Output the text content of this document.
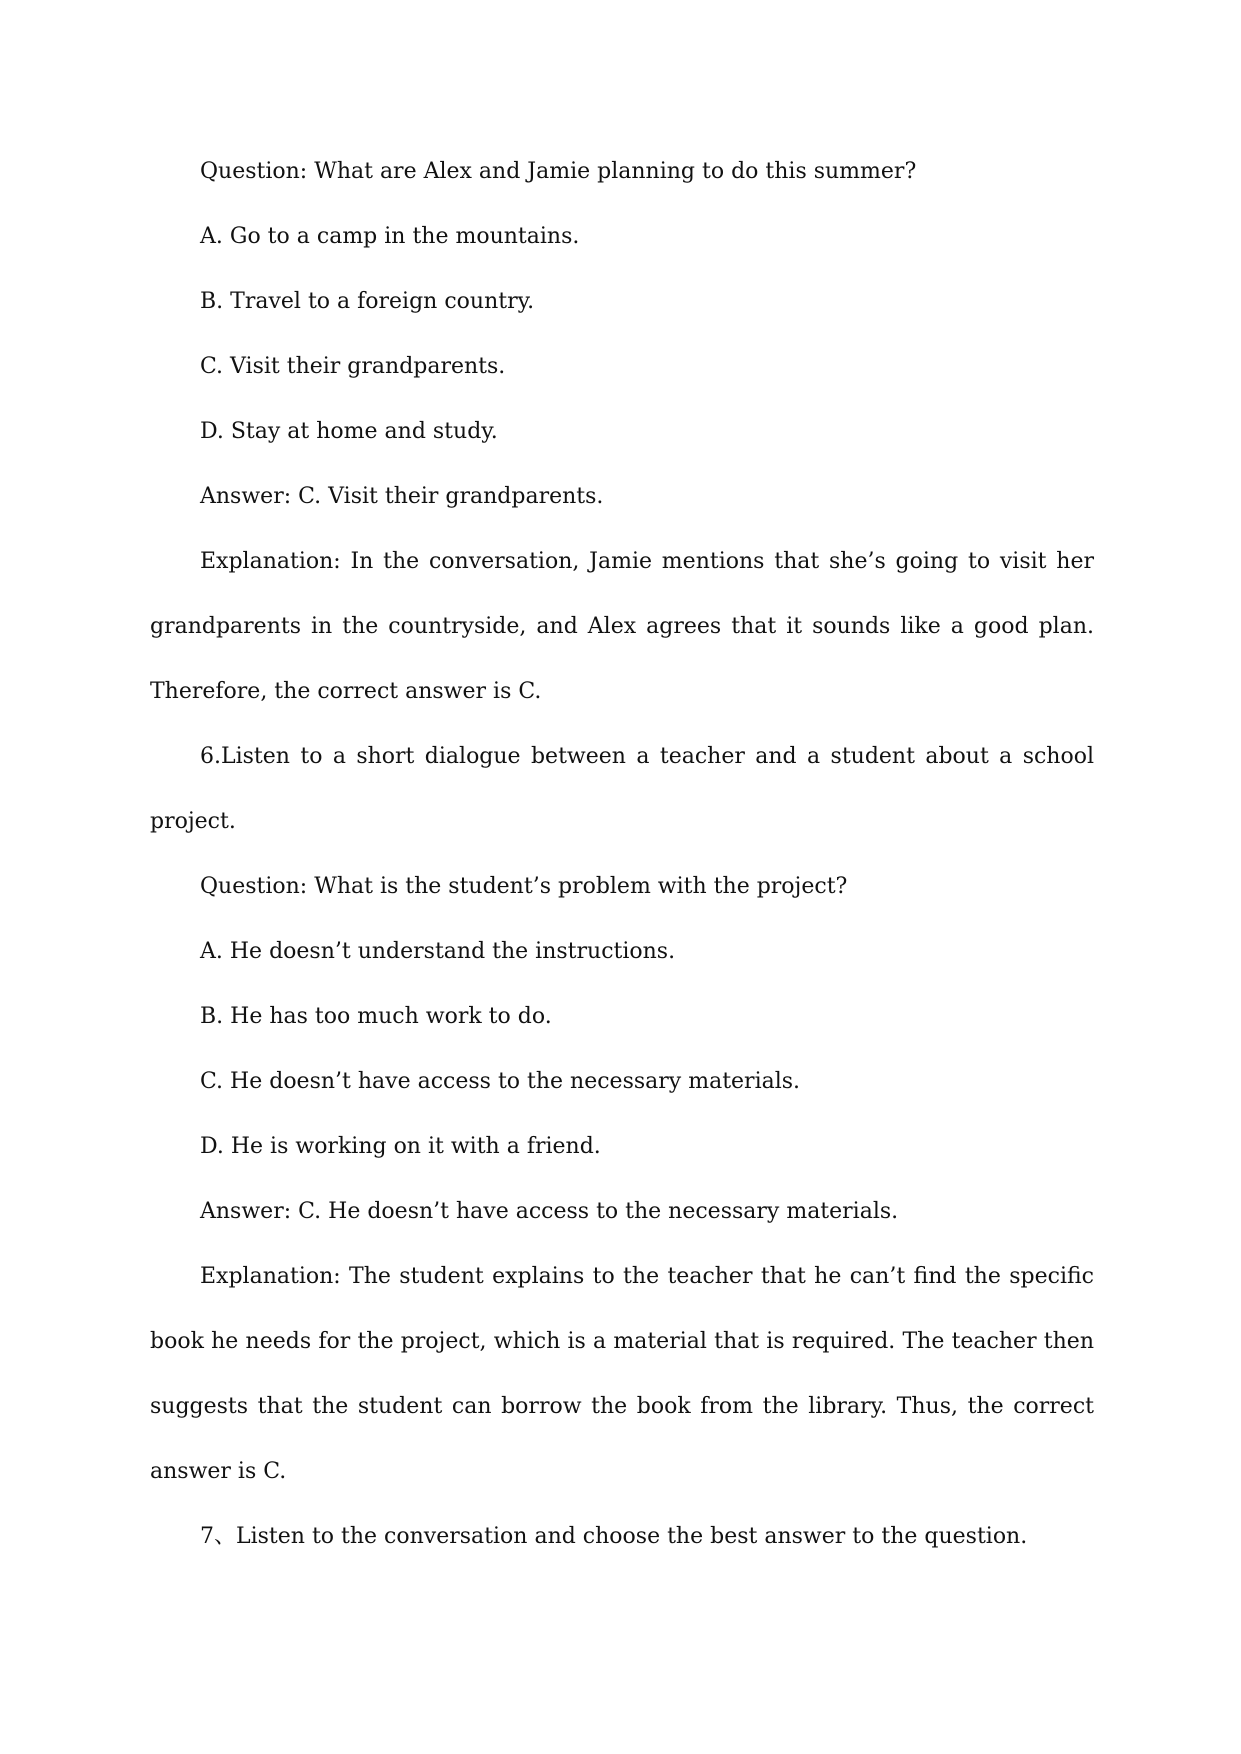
Question: What are Alex and Jamie planning to do this summer?

A. Go to a camp in the mountains.

B. Travel to a foreign country.

C. Visit their grandparents.

D. Stay at home and study.

Answer: C. Visit their grandparents.

Explanation: In the conversation, Jamie mentions that she’s going to visit her grandparents in the countryside, and Alex agrees that it sounds like a good plan. Therefore, the correct answer is C.

6.Listen to a short dialogue between a teacher and a student about a school project.

Question: What is the student’s problem with the project?

A. He doesn’t understand the instructions.

B. He has too much work to do.

C. He doesn’t have access to the necessary materials.

D. He is working on it with a friend.

Answer: C. He doesn’t have access to the necessary materials.

Explanation: The student explains to the teacher that he can’t find the specific book he needs for the project, which is a material that is required. The teacher then suggests that the student can borrow the book from the library. Thus, the correct answer is C.

7、Listen to the conversation and choose the best answer to the question.
